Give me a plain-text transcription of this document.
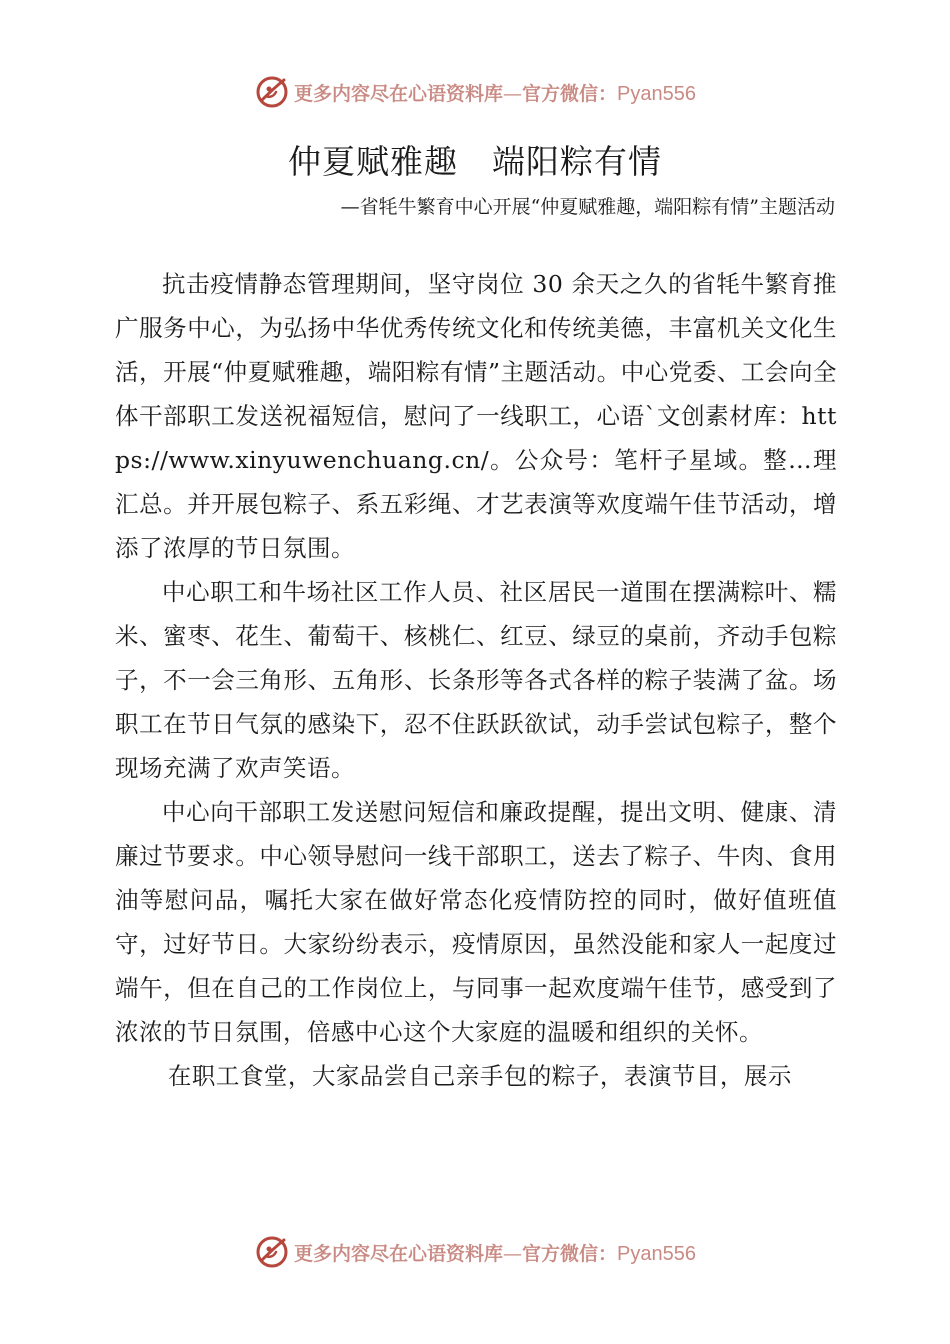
更多内容尽在心语资料库—官方微信：Pyan556
仲夏赋雅趣　端阳粽有情
—省牦牛繁育中心开展“仲夏赋雅趣，端阳粽有情”主题活动

抗击疫情静态管理期间，坚守岗位 30 余天之久的省牦牛繁育推广服务中心，为弘扬中华优秀传统文化和传统美德，丰富机关文化生活，开展“仲夏赋雅趣，端阳粽有情”主题活动。中心党委、工会向全体干部职工发送祝福短信，慰问了一线职工，心语`文创素材库：https://www.xinyuwenchuang.cn/。公众号：笔杆子星域。整…理汇总。并开展包粽子、系五彩绳、才艺表演等欢度端午佳节活动，增添了浓厚的节日氛围。

中心职工和牛场社区工作人员、社区居民一道围在摆满粽叶、糯米、蜜枣、花生、葡萄干、核桃仁、红豆、绿豆的桌前，齐动手包粽子，不一会三角形、五角形、长条形等各式各样的粽子装满了盆。场职工在节日气氛的感染下，忍不住跃跃欲试，动手尝试包粽子，整个现场充满了欢声笑语。

中心向干部职工发送慰问短信和廉政提醒，提出文明、健康、清廉过节要求。中心领导慰问一线干部职工，送去了粽子、牛肉、食用油等慰问品，嘱托大家在做好常态化疫情防控的同时，做好值班值守，过好节日。大家纷纷表示，疫情原因，虽然没能和家人一起度过端午，但在自己的工作岗位上，与同事一起欢度端午佳节，感受到了浓浓的节日氛围，倍感中心这个大家庭的温暖和组织的关怀。

在职工食堂，大家品尝自己亲手包的粽子，表演节目，展示

更多内容尽在心语资料库—官方微信：Pyan556
